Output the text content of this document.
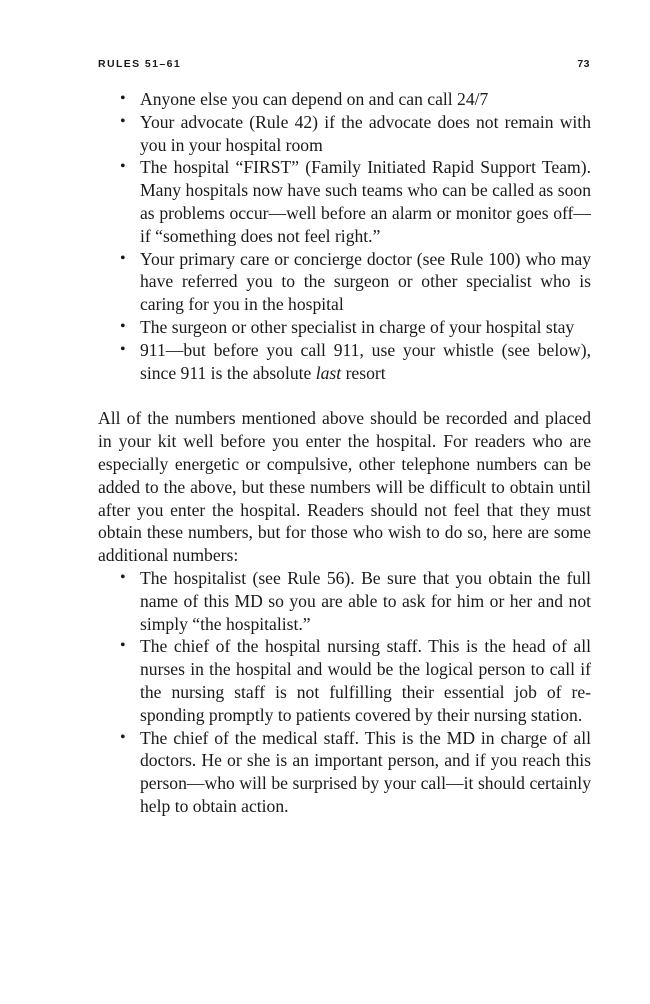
RULES 51–61	73
• Anyone else you can depend on and can call 24/7
• Your advocate (Rule 42) if the advocate does not remain with you in your hospital room
• The hospital “FIRST” (Family Initiated Rapid Support Team). Many hospitals now have such teams who can be called as soon as problems occur—well before an alarm or monitor goes off—if “something does not feel right.”
• Your primary care or concierge doctor (see Rule 100) who may have referred you to the surgeon or other specialist who is caring for you in the hospital
• The surgeon or other specialist in charge of your hospital stay
• 911—but before you call 911, use your whistle (see below), since 911 is the absolute last resort

All of the numbers mentioned above should be recorded and placed in your kit well before you enter the hospital. For readers who are especially energetic or compulsive, other telephone numbers can be added to the above, but these numbers will be difficult to obtain until after you enter the hospital. Readers should not feel that they must obtain these numbers, but for those who wish to do so, here are some additional numbers:

• The hospitalist (see Rule 56). Be sure that you obtain the full name of this MD so you are able to ask for him or her and not simply “the hospitalist.”
• The chief of the hospital nursing staff. This is the head of all nurses in the hospital and would be the logical person to call if the nursing staff is not fulfilling their essential job of responding promptly to patients covered by their nursing station.
• The chief of the medical staff. This is the MD in charge of all doctors. He or she is an important person, and if you reach this person—who will be surprised by your call—it should certainly help to obtain action.
